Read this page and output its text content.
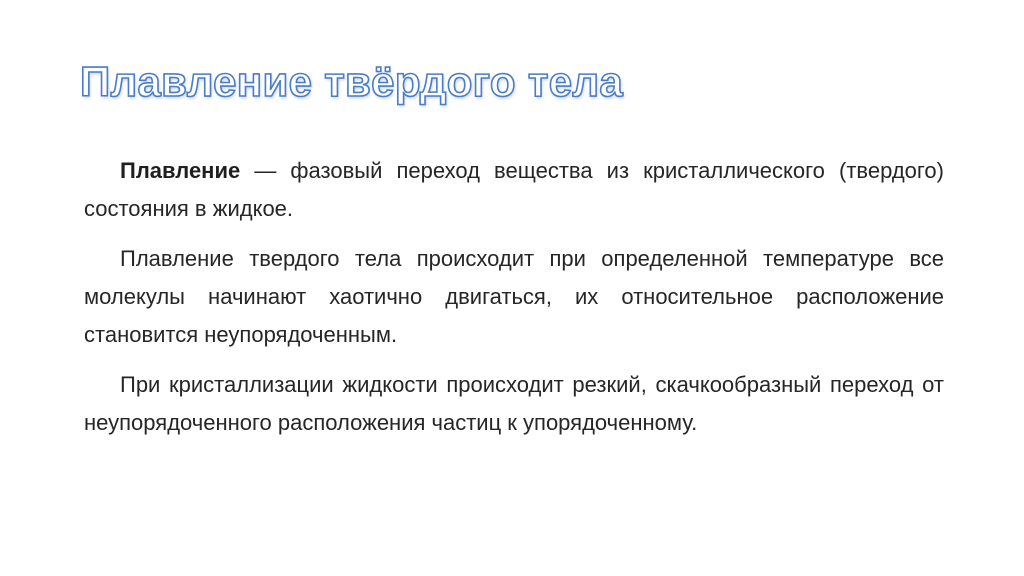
Плавление твёрдого тела

Плавление — фазовый переход вещества из кристаллического (твердого) состояния в жидкое.

Плавление твердого тела происходит при определенной температуре все молекулы начинают хаотично двигаться, их относительное расположение становится неупорядоченным.

При кристаллизации жидкости происходит резкий, скачкообразный переход от неупорядоченного расположения частиц к упорядоченному.
